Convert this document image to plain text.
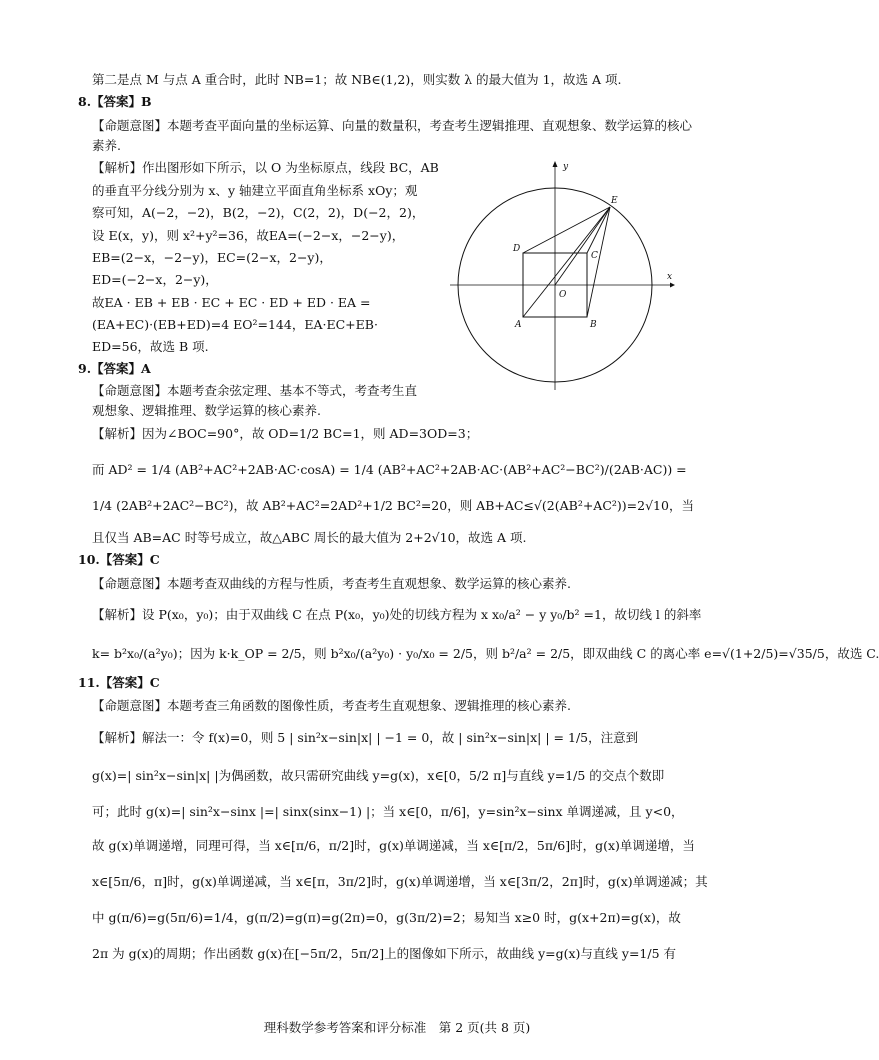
第二是点 M 与点 A 重合时，此时 NB=1；故 NB∈(1,2)，则实数 λ 的最大值为 1，故选 A 项.
8.【答案】B
【命题意图】本题考查平面向量的坐标运算、向量的数量积，考查考生逻辑推理、直观想象、数学运算的核心
素养.
【解析】作出图形如下所示，以 O 为坐标原点，线段 BC，AB
的垂直平分线分别为 x、y 轴建立平面直角坐标系 xOy；观
察可知，A(−2，−2)，B(2，−2)，C(2，2)，D(−2，2)，
设 E(x，y)，则 x²+y²=36，故EA=(−2−x，−2−y)，
EB=(2−x，−2−y)，EC=(2−x，2−y)，
ED=(−2−x，2−y)，
故EA · EB + EB · EC + EC · ED + ED · EA =
(EA+EC)·(EB+ED)=4 EO²=144，EA·EC+EB·
ED=56，故选 B 项.
9.【答案】A
【命题意图】本题考查余弦定理、基本不等式，考查考生直
观想象、逻辑推理、数学运算的核心素养.
【解析】因为∠BOC=90°，故 OD=1/2 BC=1，则 AD=3OD=3；
而 AD² = 1/4 (AB²+AC²+2AB·AC·cosA) = 1/4 (AB²+AC²+2AB·AC·(AB²+AC²−BC²)/(2AB·AC)) =
1/4 (2AB²+2AC²−BC²)，故 AB²+AC²=2AD²+1/2 BC²=20，则 AB+AC≤√(2(AB²+AC²))=2√10，当
且仅当 AB=AC 时等号成立，故△ABC 周长的最大值为 2+2√10，故选 A 项.
10.【答案】C
【命题意图】本题考查双曲线的方程与性质，考查考生直观想象、数学运算的核心素养.
【解析】设 P(x₀，y₀)；由于双曲线 C 在点 P(x₀，y₀)处的切线方程为 x x₀/a² − y y₀/b² =1，故切线 l 的斜率
k= b²x₀/(a²y₀)；因为 k·k_OP = 2/5，则 b²x₀/(a²y₀) · y₀/x₀ = 2/5，则 b²/a² = 2/5，即双曲线 C 的离心率 e=√(1+2/5)=√35/5，故选 C.
11.【答案】C
【命题意图】本题考查三角函数的图像性质，考查考生直观想象、逻辑推理的核心素养.
【解析】解法一：令 f(x)=0，则 5 | sin²x−sin|x| | −1 = 0，故 | sin²x−sin|x| | = 1/5，注意到
g(x)=| sin²x−sin|x| |为偶函数，故只需研究曲线 y=g(x)，x∈[0，5/2 π]与直线 y=1/5 的交点个数即
可；此时 g(x)=| sin²x−sinx |=| sinx(sinx−1) |；当 x∈[0，π/6]，y=sin²x−sinx 单调递减，且 y<0，
故 g(x)单调递增，同理可得，当 x∈[π/6，π/2]时，g(x)单调递减，当 x∈[π/2，5π/6]时，g(x)单调递增，当
x∈[5π/6，π]时，g(x)单调递减，当 x∈[π，3π/2]时，g(x)单调递增，当 x∈[3π/2，2π]时，g(x)单调递减；其
中 g(π/6)=g(5π/6)=1/4，g(π/2)=g(π)=g(2π)=0，g(3π/2)=2；易知当 x≥0 时，g(x+2π)=g(x)，故
2π 为 g(x)的周期；作出函数 g(x)在[−5π/2，5π/2]上的图像如下所示，故曲线 y=g(x)与直线 y=1/5 有
y
x
E
D
C
O
A	B
理科数学参考答案和评分标准　第 2 页(共 8 页)
